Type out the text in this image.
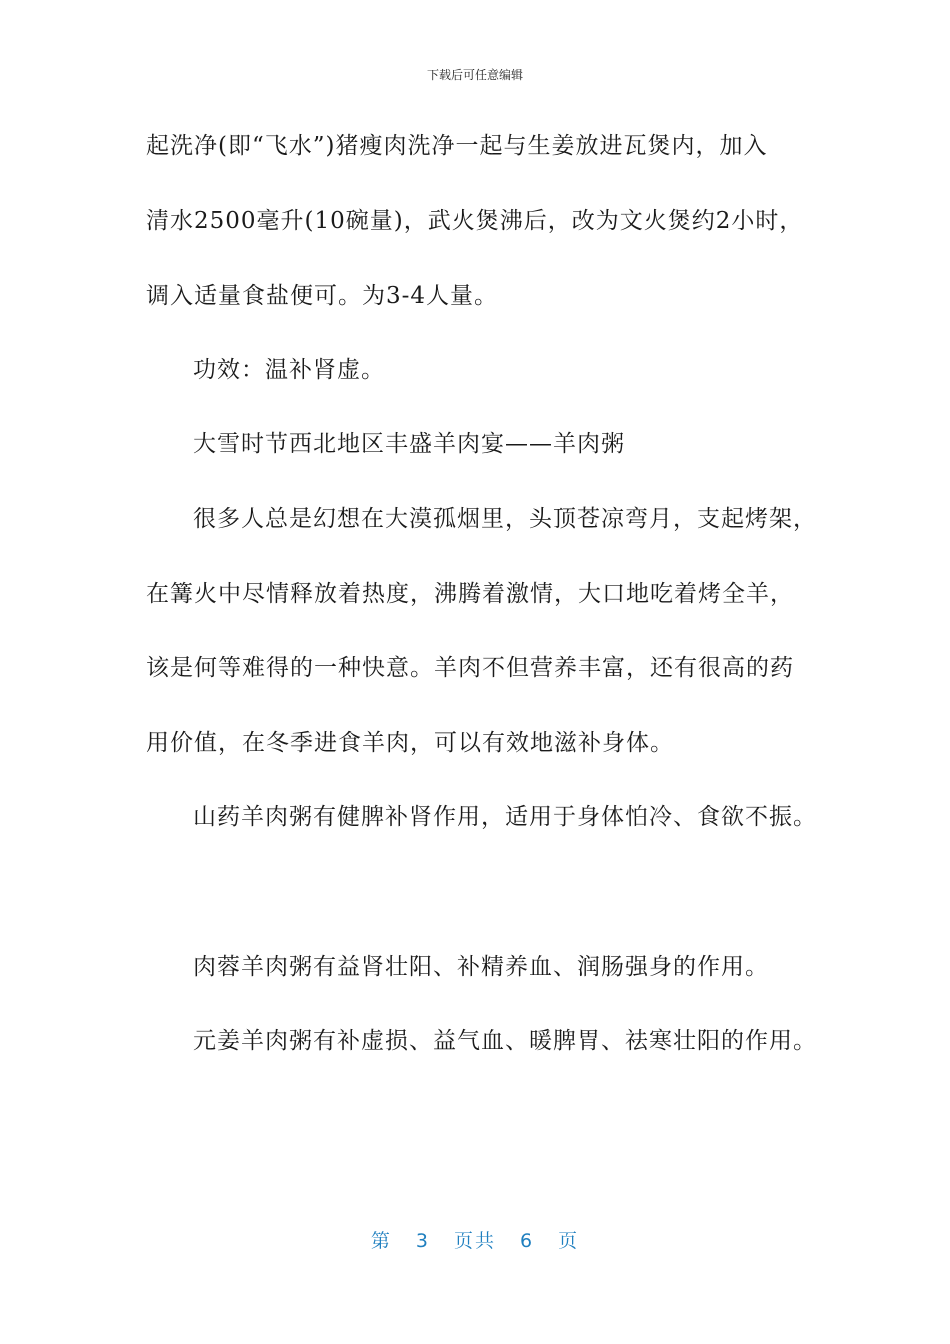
下载后可任意编辑
起洗净(即“飞水”)猪瘦肉洗净一起与生姜放进瓦煲内，加入
清水2500毫升(10碗量)，武火煲沸后，改为文火煲约2小时，
调入适量食盐便可。为3-4人量。
功效：温补肾虚。
大雪时节西北地区丰盛羊肉宴——羊肉粥
很多人总是幻想在大漠孤烟里，头顶苍凉弯月，支起烤架，
在篝火中尽情释放着热度，沸腾着激情，大口地吃着烤全羊，
该是何等难得的一种快意。羊肉不但营养丰富，还有很高的药
用价值，在冬季进食羊肉，可以有效地滋补身体。
山药羊肉粥有健脾补肾作用，适用于身体怕冷、食欲不振。
肉蓉羊肉粥有益肾壮阳、补精养血、润肠强身的作用。
元姜羊肉粥有补虚损、益气血、暖脾胃、祛寒壮阳的作用。
第 3 页共 6 页
